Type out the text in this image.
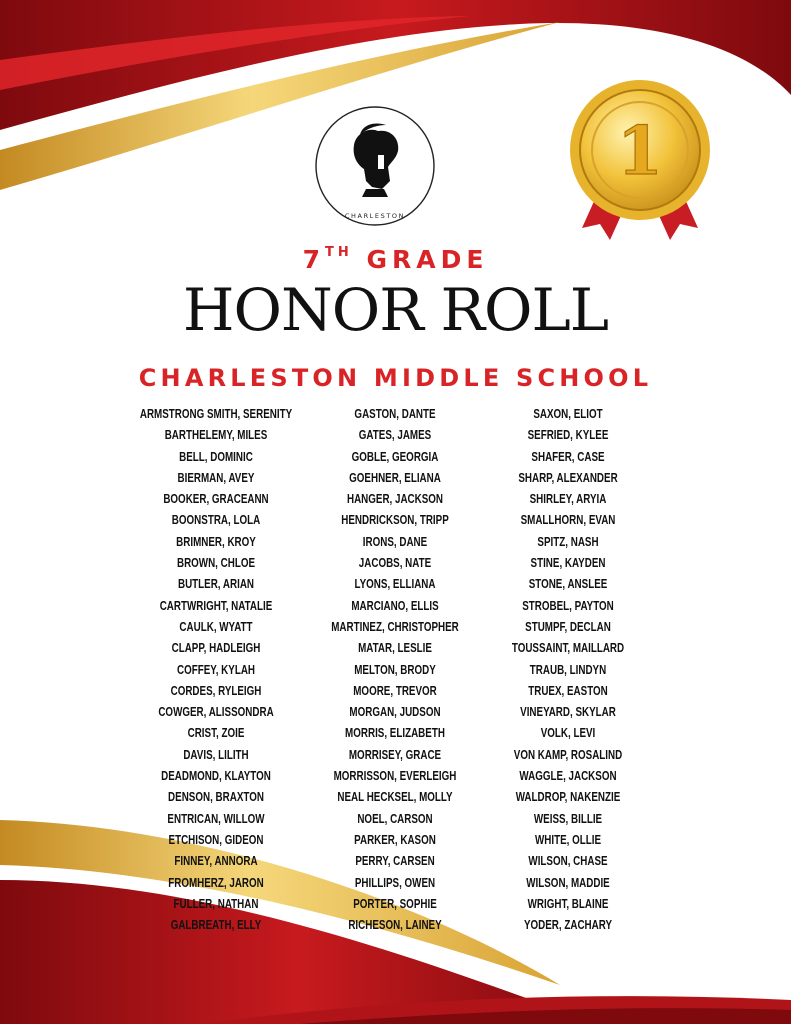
CHARLESTON
1
7TH GRADE
HONOR ROLL
CHARLESTON MIDDLE SCHOOL
ARMSTRONG SMITH, SERENITY
BARTHELEMY, MILES
BELL, DOMINIC
BIERMAN, AVEY
BOOKER, GRACEANN
BOONSTRA, LOLA
BRIMNER, KROY
BROWN, CHLOE
BUTLER, ARIAN
CARTWRIGHT, NATALIE
CAULK, WYATT
CLAPP, HADLEIGH
COFFEY, KYLAH
CORDES, RYLEIGH
COWGER, ALISSONDRA
CRIST, ZOIE
DAVIS, LILITH
DEADMOND, KLAYTON
DENSON, BRAXTON
ENTRICAN, WILLOW
ETCHISON, GIDEON
FINNEY, ANNORA
FROMHERZ, JARON
FULLER, NATHAN
GALBREATH, ELLY
GASTON, DANTE
GATES, JAMES
GOBLE, GEORGIA
GOEHNER, ELIANA
HANGER, JACKSON
HENDRICKSON, TRIPP
IRONS, DANE
JACOBS, NATE
LYONS, ELLIANA
MARCIANO, ELLIS
MARTINEZ, CHRISTOPHER
MATAR, LESLIE
MELTON, BRODY
MOORE, TREVOR
MORGAN, JUDSON
MORRIS, ELIZABETH
MORRISEY, GRACE
MORRISSON, EVERLEIGH
NEAL HECKSEL, MOLLY
NOEL, CARSON
PARKER, KASON
PERRY, CARSEN
PHILLIPS, OWEN
PORTER, SOPHIE
RICHESON, LAINEY
SAXON, ELIOT
SEFRIED, KYLEE
SHAFER, CASE
SHARP, ALEXANDER
SHIRLEY, ARYIA
SMALLHORN, EVAN
SPITZ, NASH
STINE, KAYDEN
STONE, ANSLEE
STROBEL, PAYTON
STUMPF, DECLAN
TOUSSAINT, MAILLARD
TRAUB, LINDYN
TRUEX, EASTON
VINEYARD, SKYLAR
VOLK, LEVI
VON KAMP, ROSALIND
WAGGLE, JACKSON
WALDROP, NAKENZIE
WEISS, BILLIE
WHITE, OLLIE
WILSON, CHASE
WILSON, MADDIE
WRIGHT, BLAINE
YODER, ZACHARY
